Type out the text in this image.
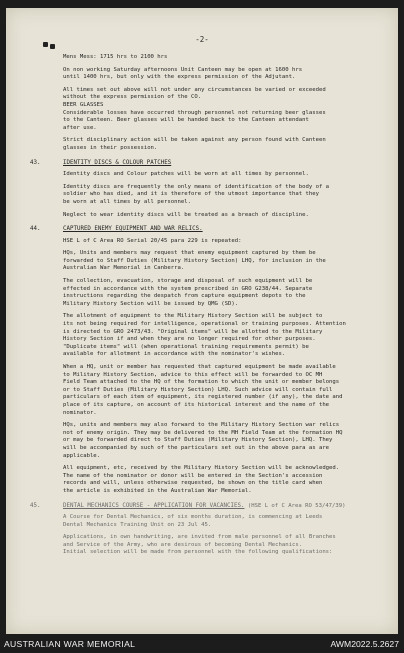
-2-
Mens Mess: 1715 hrs to 2100 hrs
On non working Saturday afternoons Unit Canteen may be open at 1600 hrs
until 1400 hrs, but only with the express permission of the Adjutant.
All times set out above will not under any circumstances be varied or exceeded
without the express permission of the CO.
BEER GLASSES
Considerable losses have occurred through personnel not returning beer glasses
to the Canteen. Beer glasses will be handed back to the Canteen attendant
after use.
Strict disciplinary action will be taken against any person found with Canteen
glasses in their possession.
43.	IDENTITY DISCS & COLOUR PATCHES
Identity discs and Colour patches will be worn at all times by personnel.
Identity discs are frequently the only means of identification of the body of a
soldier who has died, and it is therefore of the utmost importance that they
be worn at all times by all personnel.
Neglect to wear identity discs will be treated as a breach of discipline.
44.	CAPTURED ENEMY EQUIPMENT AND WAR RELICS.
HSE L of C Area RO Serial 20/45 para 229 is repeated:
HQs, Units and members may request that enemy equipment captured by them be
forwarded to Staff Duties (Military History Section) LHQ, for inclusion in the
Australian War Memorial in Canberra.
The collection, evacuation, storage and disposal of such equipment will be
effected in accordance with the system prescribed in GRO G238/44. Separate
instructions regarding the despatch from capture equipment depots to the
Military History Section will be issued by QMG (SD).
The allotment of equipment to the Military History Section will be subject to
its not being required for intelligence, operational or training purposes. Attention
is directed to GRO 2473/43. "Original items" will be allotted to the Military
History Section if and when they are no longer required for other purposes.
"Duplicate items" will (when operational training requirements permit) be
available for allotment in accordance with the nominator's wishes.
When a HQ, unit or member has requested that captured equipment be made available
to Military History Section, advice to this effect will be forwarded to OC MH
Field Team attached to the HQ of the formation to which the unit or member belongs
or to Staff Duties (Military History Section) LHQ. Such advice will contain full
particulars of each item of equipment, its registered number (if any), the date and
place of its capture, on account of its historical interest and the name of the
nominator.
HQs, units and members may also forward to the Military History Section war relics
not of enemy origin. They may be delivered to the MH Field Team at the formation HQ
or may be forwarded direct to Staff Duties (Military History Section), LHQ. They
will be accompanied by such of the particulars set out in the above para as are
applicable.
All equipment, etc, received by the Military History Section will be acknowledged.
The name of the nominator or donor will be entered in the Section's accession
records and will, unless otherwise requested, be shown on the title card when
the article is exhibited in the Australian War Memorial.
45.	DENTAL MECHANICS COURSE - APPLICATION FOR VACANCIES. (HSE L of C Area RO 53/47/39)
A Course for Dental Mechanics, of six months duration, is commencing at Leeds
Dental Mechanics Training Unit on 23 Jul 45.
Applications, in own handwriting, are invited from male personnel of all Branches
and Service of the Army, who are desirous of becoming Dental Mechanics.
Initial selection will be made from personnel with the following qualifications:
AUSTRALIAN WAR MEMORIAL	AWM2022.5.2627
